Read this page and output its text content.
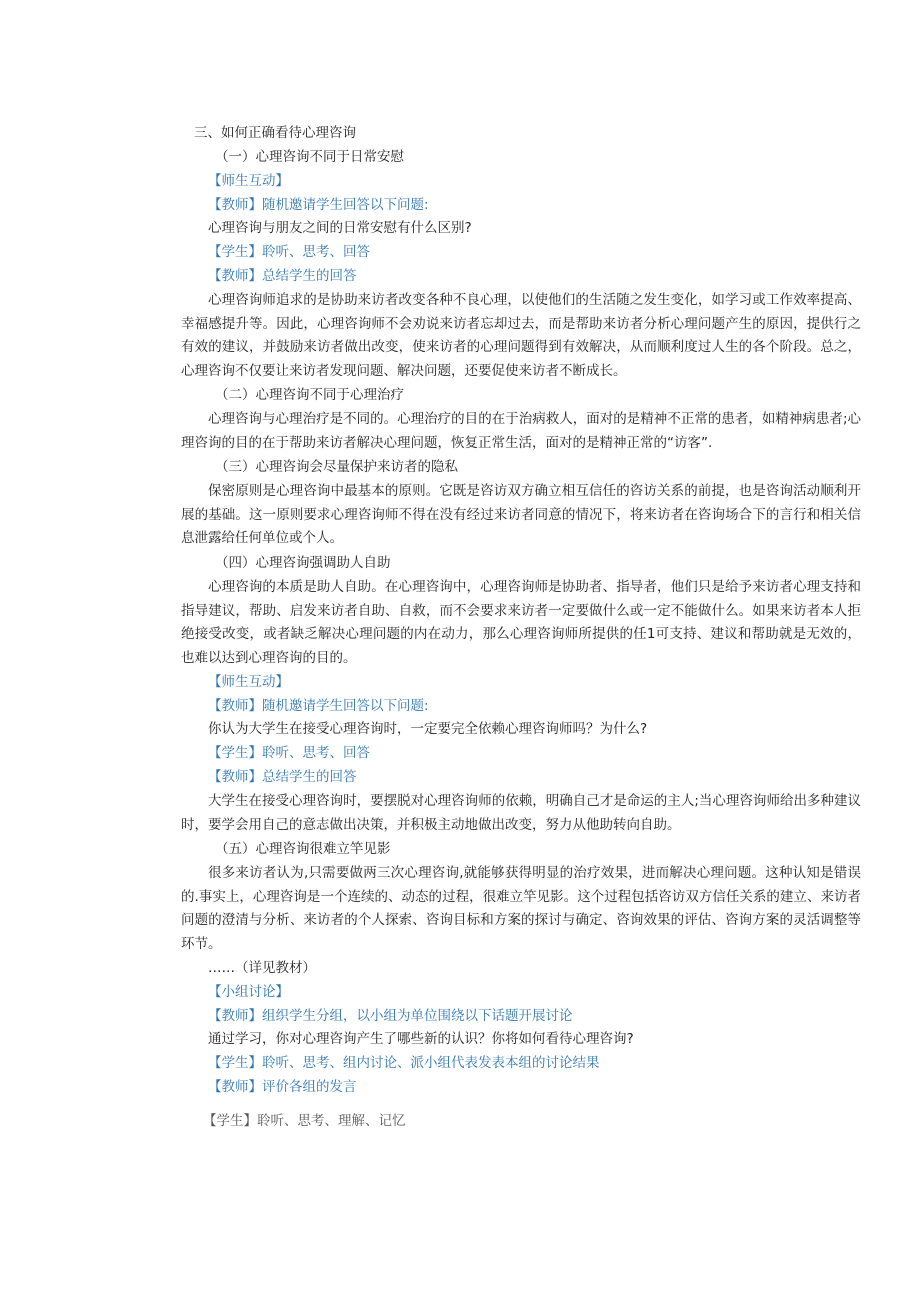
三、如何正确看待心理咨询
（一）心理咨询不同于日常安慰
【师生互动】
【教师】随机邀请学生回答以下问题:
心理咨询与朋友之间的日常安慰有什么区别?
【学生】聆听、思考、回答
【教师】总结学生的回答
心理咨询师追求的是协助来访者改变各种不良心理，以使他们的生活随之发生变化，如学习或工作效率提高、幸福感提升等。因此，心理咨询师不会劝说来访者忘却过去，而是帮助来访者分析心理问题产生的原因，提供行之有效的建议，并鼓励来访者做出改变，使来访者的心理问题得到有效解决，从而顺利度过人生的各个阶段。总之，心理咨询不仅要让来访者发现问题、解决问题，还要促使来访者不断成长。
（二）心理咨询不同于心理治疗
心理咨询与心理治疗是不同的。心理治疗的目的在于治病救人，面对的是精神不正常的患者，如精神病患者;心理咨询的目的在于帮助来访者解决心理问题，恢复正常生活，面对的是精神正常的“访客”.
（三）心理咨询会尽量保护来访者的隐私
保密原则是心理咨询中最基本的原则。它既是咨访双方确立相互信任的咨访关系的前提，也是咨询活动顺利开展的基础。这一原则要求心理咨询师不得在没有经过来访者同意的情况下，将来访者在咨询场合下的言行和相关信息泄露给任何单位或个人。
（四）心理咨询强调助人自助
心理咨询的本质是助人自助。在心理咨询中，心理咨询师是协助者、指导者，他们只是给予来访者心理支持和指导建议，帮助、启发来访者自助、自救，而不会要求来访者一定要做什么或一定不能做什么。如果来访者本人拒绝接受改变，或者缺乏解决心理问题的内在动力，那么心理咨询师所提供的任1可支持、建议和帮助就是无效的，也难以达到心理咨询的目的。
【师生互动】
【教师】随机邀请学生回答以下问题:
你认为大学生在接受心理咨询时，一定要完全依赖心理咨询师吗？为什么?
【学生】聆听、思考、回答
【教师】总结学生的回答
大学生在接受心理咨询时，要摆脱对心理咨询师的依赖，明确自己才是命运的主人;当心理咨询师给出多种建议时，要学会用自己的意志做出决策，并积极主动地做出改变，努力从他助转向自助。
（五）心理咨询很难立竿见影
很多来访者认为,只需要做两三次心理咨询,就能够获得明显的治疗效果，进而解决心理问题。这种认知是错误的.事实上，心理咨询是一个连续的、动态的过程，很难立竿见影。这个过程包括咨访双方信任关系的建立、来访者问题的澄清与分析、来访者的个人探索、咨询目标和方案的探讨与确定、咨询效果的评估、咨询方案的灵活调整等环节。
……（详见教材）
【小组讨论】
【教师】组织学生分组，以小组为单位围绕以下话题开展讨论
通过学习，你对心理咨询产生了哪些新的认识？你将如何看待心理咨询?
【学生】聆听、思考、组内讨论、派小组代表发表本组的讨论结果
【教师】评价各组的发言
【学生】聆听、思考、理解、记忆
